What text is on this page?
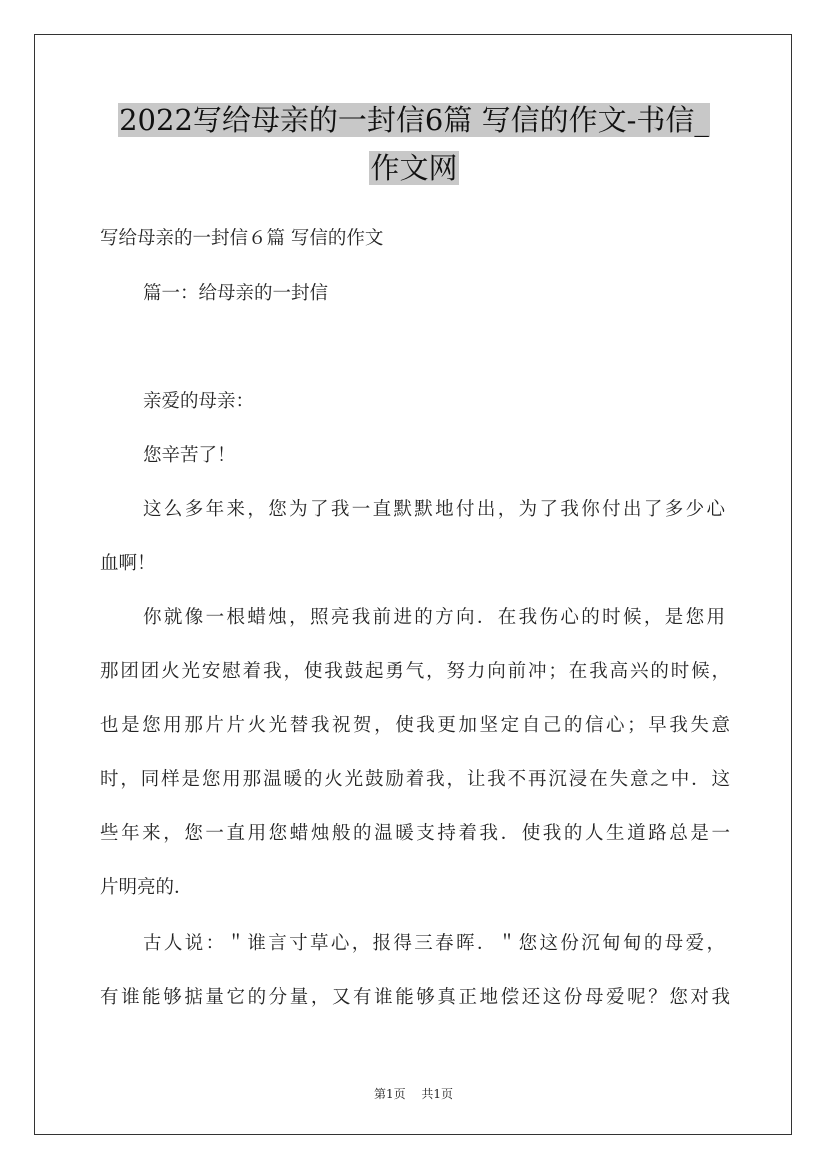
2022写给母亲的一封信6篇 写信的作文-书信_
作文网
写给母亲的一封信６篇 写信的作文
篇一：给母亲的一封信
亲爱的母亲：
您辛苦了！
这么多年来，您为了我一直默默地付出，为了我你付出了多少心
血啊！
你就像一根蜡烛，照亮我前进的方向．在我伤心的时候，是您用
那团团火光安慰着我，使我鼓起勇气，努力向前冲；在我高兴的时候，
也是您用那片片火光替我祝贺，使我更加坚定自己的信心；早我失意
时，同样是您用那温暖的火光鼓励着我，让我不再沉浸在失意之中．这
些年来，您一直用您蜡烛般的温暖支持着我．使我的人生道路总是一
片明亮的．
古人说：＂谁言寸草心，报得三春晖．＂您这份沉甸甸的母爱，
有谁能够掂量它的分量，又有谁能够真正地偿还这份母爱呢？您对我
第1页 共1页
